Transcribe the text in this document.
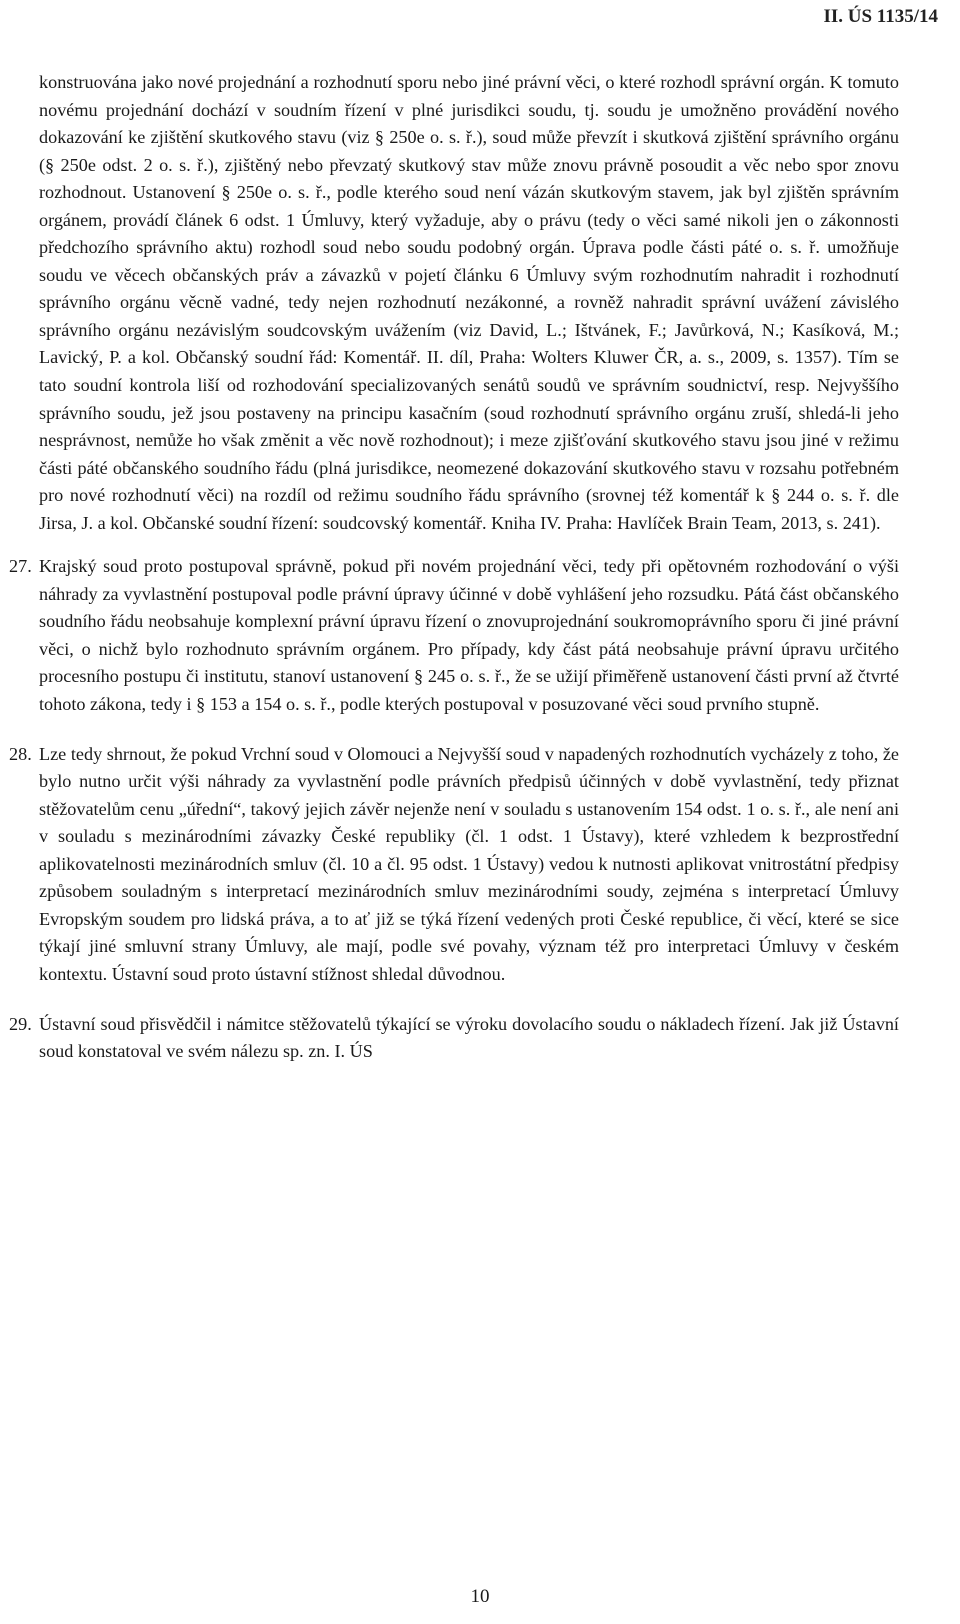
II. ÚS 1135/14

konstruována jako nové projednání a rozhodnutí sporu nebo jiné právní věci, o které rozhodl správní orgán. K tomuto novému projednání dochází v soudním řízení v plné jurisdikci soudu, tj. soudu je umožněno provádění nového dokazování ke zjištění skutkového stavu (viz § 250e o. s. ř.), soud může převzít i skutková zjištění správního orgánu (§ 250e odst. 2 o. s. ř.), zjištěný nebo převzatý skutkový stav může znovu právně posoudit a věc nebo spor znovu rozhodnout. Ustanovení § 250e o. s. ř., podle kterého soud není vázán skutkovým stavem, jak byl zjištěn správním orgánem, provádí článek 6 odst. 1 Úmluvy, který vyžaduje, aby o právu (tedy o věci samé nikoli jen o zákonnosti předchozího správního aktu) rozhodl soud nebo soudu podobný orgán. Úprava podle části páté o. s. ř. umožňuje soudu ve věcech občanských práv a závazků v pojetí článku 6 Úmluvy svým rozhodnutím nahradit i rozhodnutí správního orgánu věcně vadné, tedy nejen rozhodnutí nezákonné, a rovněž nahradit správní uvážení závislého správního orgánu nezávislým soudcovským uvážením (viz David, L.; Ištvánek, F.; Javůrková, N.; Kasíková, M.; Lavický, P. a kol. Občanský soudní řád: Komentář. II. díl, Praha: Wolters Kluwer ČR, a. s., 2009, s. 1357). Tím se tato soudní kontrola liší od rozhodování specializovaných senátů soudů ve správním soudnictví, resp. Nejvyššího správního soudu, jež jsou postaveny na principu kasačním (soud rozhodnutí správního orgánu zruší, shledá-li jeho nesprávnost, nemůže ho však změnit a věc nově rozhodnout); i meze zjišťování skutkového stavu jsou jiné v režimu části páté občanského soudního řádu (plná jurisdikce, neomezené dokazování skutkového stavu v rozsahu potřebném pro nové rozhodnutí věci) na rozdíl od režimu soudního řádu správního (srovnej též komentář k § 244 o. s. ř. dle Jirsa, J. a kol. Občanské soudní řízení: soudcovský komentář. Kniha IV. Praha: Havlíček Brain Team, 2013, s. 241).

27. Krajský soud proto postupoval správně, pokud při novém projednání věci, tedy při opětovném rozhodování o výši náhrady za vyvlastnění postupoval podle právní úpravy účinné v době vyhlášení jeho rozsudku. Pátá část občanského soudního řádu neobsahuje komplexní právní úpravu řízení o znovuprojednání soukromoprávního sporu či jiné právní věci, o nichž bylo rozhodnuto správním orgánem. Pro případy, kdy část pátá neobsahuje právní úpravu určitého procesního postupu či institutu, stanoví ustanovení § 245 o. s. ř., že se užijí přiměřeně ustanovení části první až čtvrté tohoto zákona, tedy i § 153 a 154 o. s. ř., podle kterých postupoval v posuzované věci soud prvního stupně.

28. Lze tedy shrnout, že pokud Vrchní soud v Olomouci a Nejvyšší soud v napadených rozhodnutích vycházely z toho, že bylo nutno určit výši náhrady za vyvlastnění podle právních předpisů účinných v době vyvlastnění, tedy přiznat stěžovatelům cenu „úřední“, takový jejich závěr nejenže není v souladu s ustanovením 154 odst. 1 o. s. ř., ale není ani v souladu s mezinárodními závazky České republiky (čl. 1 odst. 1 Ústavy), které vzhledem k bezprostřední aplikovatelnosti mezinárodních smluv (čl. 10 a čl. 95 odst. 1 Ústavy) vedou k nutnosti aplikovat vnitrostátní předpisy způsobem souladným s interpretací mezinárodních smluv mezinárodními soudy, zejména s interpretací Úmluvy Evropským soudem pro lidská práva, a to ať již se týká řízení vedených proti České republice, či věcí, které se sice týkají jiné smluvní strany Úmluvy, ale mají, podle své povahy, význam též pro interpretaci Úmluvy v českém kontextu. Ústavní soud proto ústavní stížnost shledal důvodnou.

29. Ústavní soud přisvědčil i námitce stěžovatelů týkající se výroku dovolacího soudu o nákladech řízení. Jak již Ústavní soud konstatoval ve svém nálezu sp. zn. I. ÚS

10
